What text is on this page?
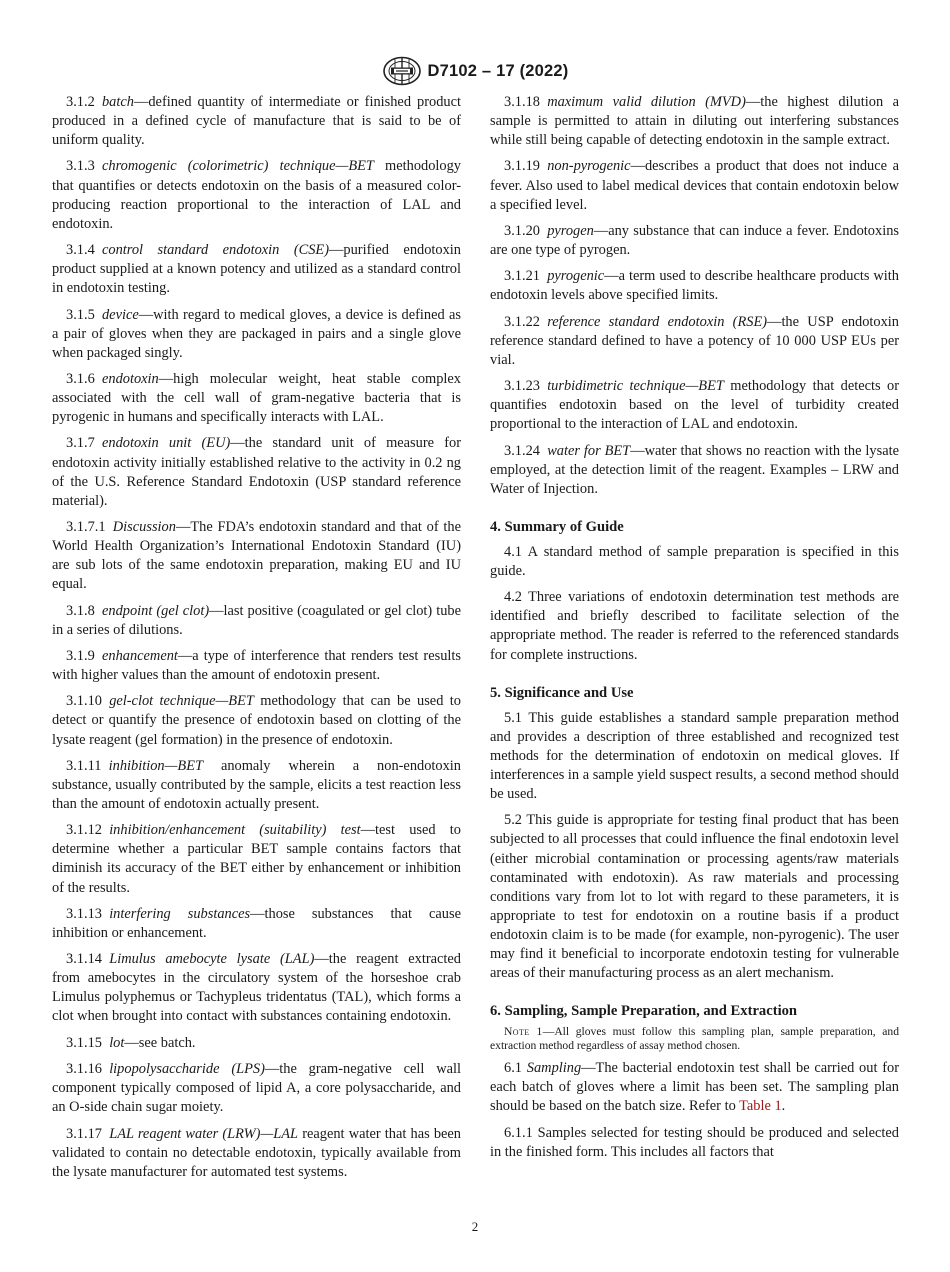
D7102 – 17 (2022)

3.1.2  batch—defined quantity of intermediate or finished product produced in a defined cycle of manufacture that is said to be of uniform quality.

3.1.3  chromogenic (colorimetric) technique—BET methodology that quantifies or detects endotoxin on the basis of a measured color-producing reaction proportional to the interaction of LAL and endotoxin.

3.1.4  control standard endotoxin (CSE)—purified endotoxin product supplied at a known potency and utilized as a standard control in endotoxin testing.

3.1.5  device—with regard to medical gloves, a device is defined as a pair of gloves when they are packaged in pairs and a single glove when packaged singly.

3.1.6  endotoxin—high molecular weight, heat stable complex associated with the cell wall of gram-negative bacteria that is pyrogenic in humans and specifically interacts with LAL.

3.1.7  endotoxin unit (EU)—the standard unit of measure for endotoxin activity initially established relative to the activity in 0.2 ng of the U.S. Reference Standard Endotoxin (USP standard reference material).

3.1.7.1  Discussion—The FDA’s endotoxin standard and that of the World Health Organization’s International Endotoxin Standard (IU) are sub lots of the same endotoxin preparation, making EU and IU equal.

3.1.8  endpoint (gel clot)—last positive (coagulated or gel clot) tube in a series of dilutions.

3.1.9  enhancement—a type of interference that renders test results with higher values than the amount of endotoxin present.

3.1.10  gel-clot technique—BET methodology that can be used to detect or quantify the presence of endotoxin based on clotting of the lysate reagent (gel formation) in the presence of endotoxin.

3.1.11  inhibition—BET anomaly wherein a non-endotoxin substance, usually contributed by the sample, elicits a test reaction less than the amount of endotoxin actually present.

3.1.12  inhibition/enhancement (suitability) test—test used to determine whether a particular BET sample contains factors that diminish its accuracy of the BET either by enhancement or inhibition of the results.

3.1.13  interfering substances—those substances that cause inhibition or enhancement.

3.1.14  Limulus amebocyte lysate (LAL)—the reagent extracted from amebocytes in the circulatory system of the horseshoe crab Limulus polyphemus or Tachypleus tridentatus (TAL), which forms a clot when brought into contact with substances containing endotoxin.

3.1.15  lot—see batch.

3.1.16  lipopolysaccharide (LPS)—the gram-negative cell wall component typically composed of lipid A, a core polysaccharide, and an O-side chain sugar moiety.

3.1.17  LAL reagent water (LRW)—LAL reagent water that has been validated to contain no detectable endotoxin, typically available from the lysate manufacturer for automated test systems.

3.1.18  maximum valid dilution (MVD)—the highest dilution a sample is permitted to attain in diluting out interfering substances while still being capable of detecting endotoxin in the sample extract.

3.1.19  non-pyrogenic—describes a product that does not induce a fever. Also used to label medical devices that contain endotoxin below a specified level.

3.1.20  pyrogen—any substance that can induce a fever. Endotoxins are one type of pyrogen.

3.1.21  pyrogenic—a term used to describe healthcare products with endotoxin levels above specified limits.

3.1.22  reference standard endotoxin (RSE)—the USP endotoxin reference standard defined to have a potency of 10 000 USP EUs per vial.

3.1.23  turbidimetric technique—BET methodology that detects or quantifies endotoxin based on the level of turbidity created proportional to the interaction of LAL and endotoxin.

3.1.24  water for BET—water that shows no reaction with the lysate employed, at the detection limit of the reagent. Examples – LRW and Water of Injection.

4. Summary of Guide

4.1 A standard method of sample preparation is specified in this guide.

4.2 Three variations of endotoxin determination test methods are identified and briefly described to facilitate selection of the appropriate method. The reader is referred to the referenced standards for complete instructions.

5. Significance and Use

5.1 This guide establishes a standard sample preparation method and provides a description of three established and recognized test methods for the determination of endotoxin on medical gloves. If interferences in a sample yield suspect results, a second method should be used.

5.2 This guide is appropriate for testing final product that has been subjected to all processes that could influence the final endotoxin level (either microbial contamination or processing agents/raw materials contaminated with endotoxin). As raw materials and processing conditions vary from lot to lot with regard to these parameters, it is appropriate to test for endotoxin on a routine basis if a product endotoxin claim is to be made (for example, non-pyrogenic). The user may find it beneficial to incorporate endotoxin testing for vulnerable areas of their manufacturing process as an alert mechanism.

6. Sampling, Sample Preparation, and Extraction

Note 1—All gloves must follow this sampling plan, sample preparation, and extraction method regardless of assay method chosen.

6.1 Sampling—The bacterial endotoxin test shall be carried out for each batch of gloves where a limit has been set. The sampling plan should be based on the batch size. Refer to Table 1.

6.1.1 Samples selected for testing should be produced and selected in the finished form. This includes all factors that

2
